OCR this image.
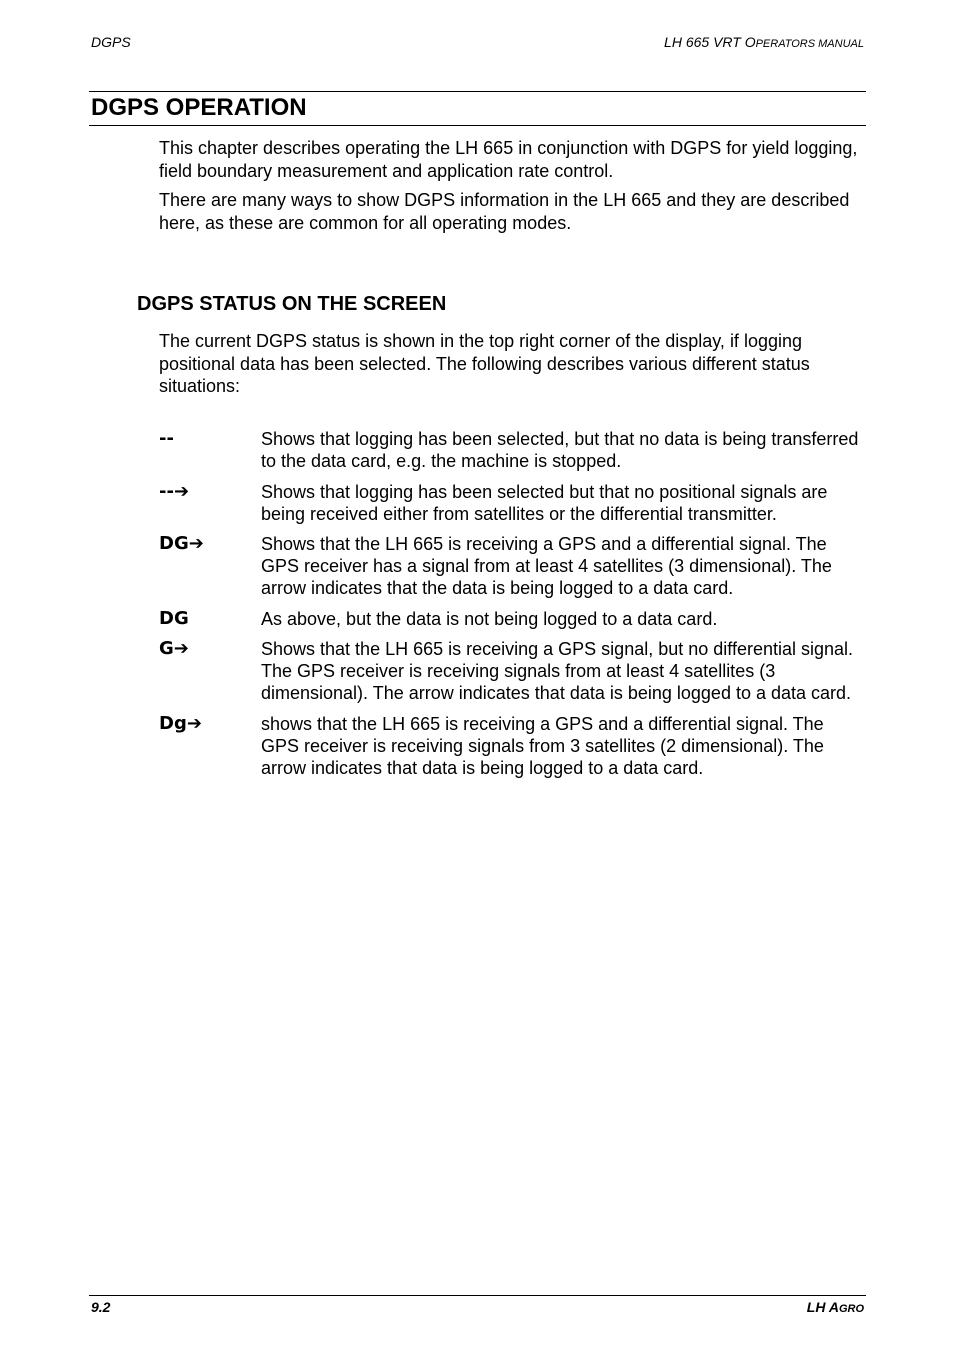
DGPS	LH 665 VRT OPERATORS MANUAL
DGPS OPERATION

This chapter describes operating the LH 665 in conjunction with DGPS for yield logging, field boundary measurement and application rate control.

There are many ways to show DGPS information in the LH 665 and they are described here, as these are common for all operating modes.

DGPS STATUS ON THE SCREEN

The current DGPS status is shown in the top right corner of the display, if logging positional data has been selected. The following describes various different status situations:

--	Shows that logging has been selected, but that no data is being transferred to the data card, e.g. the machine is stopped.
--➔	Shows that logging has been selected but that no positional signals are being received either from satellites or the differential transmitter.
DG➔	Shows that the LH 665 is receiving a GPS and a differential signal. The GPS receiver has a signal from at least 4 satellites (3 dimensional). The arrow indicates that the data is being logged to a data card.
DG	As above, but the data is not being logged to a data card.
G➔	Shows that the LH 665 is receiving a GPS signal, but no differential signal. The GPS receiver is receiving signals from at least 4 satellites (3 dimensional). The arrow indicates that data is being logged to a data card.
Dg➔	shows that the LH 665 is receiving a GPS and a differential signal. The GPS receiver is receiving signals from 3 satellites (2 dimensional). The arrow indicates that data is being logged to a data card.
9.2	LH AGRO
